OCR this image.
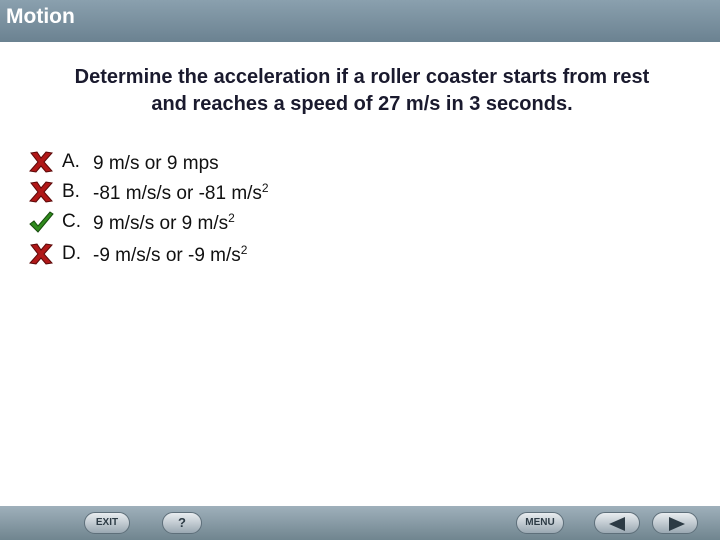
Motion
Determine the acceleration if a roller coaster starts from rest and reaches a speed of 27 m/s in 3 seconds.
A. 9 m/s or 9 mps
B. -81 m/s/s or -81 $m/s^2$
C. 9 m/s/s or 9 $m/s^2$
D. -9 m/s/s or -9 $m/s^2$
EXIT	?	MENU
